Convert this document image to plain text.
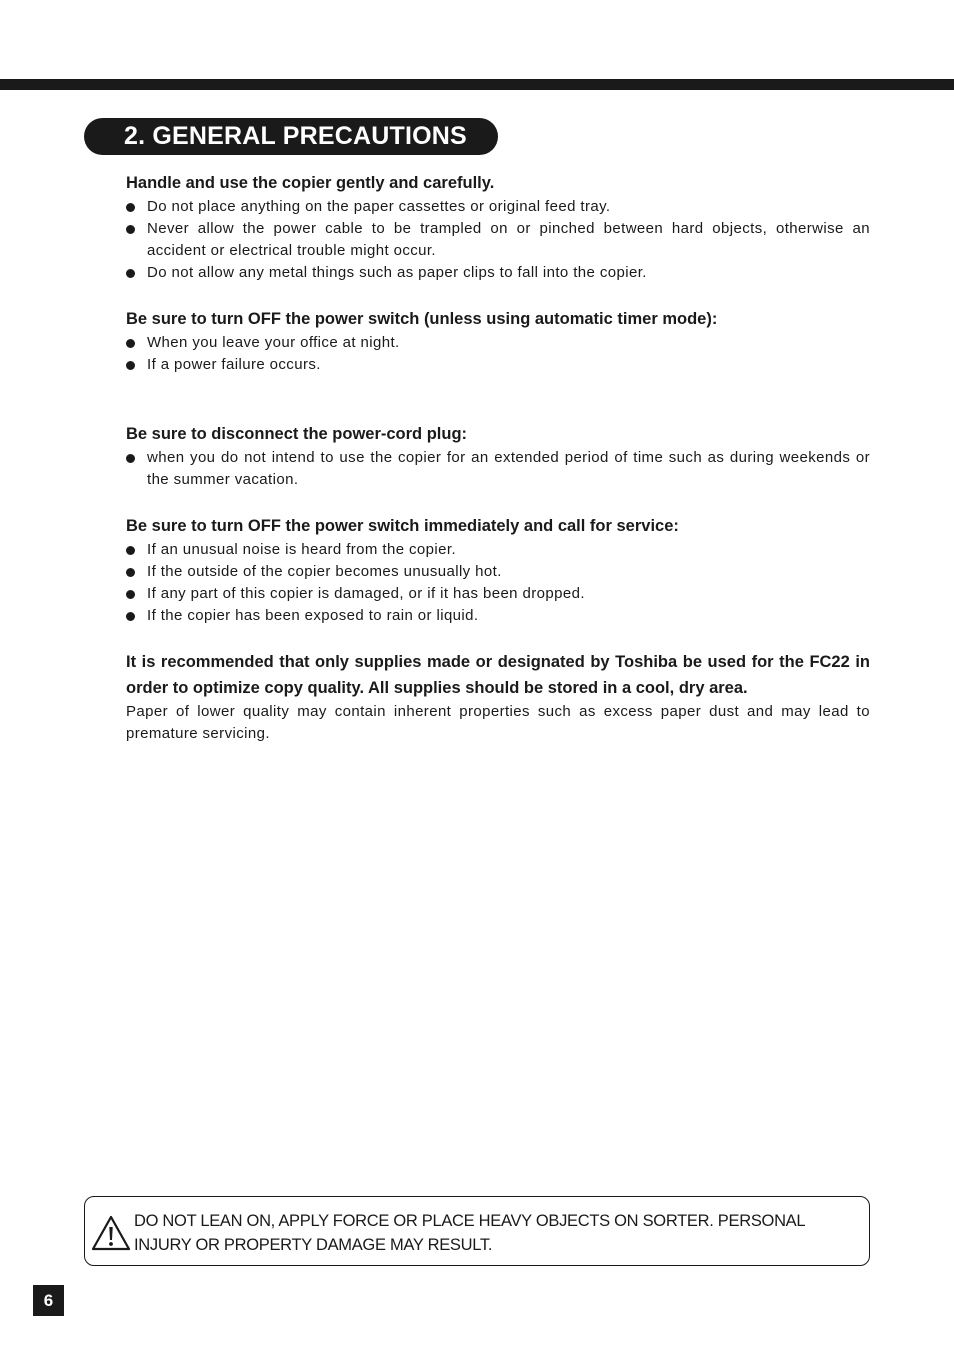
2. GENERAL PRECAUTIONS

Handle and use the copier gently and carefully.

Do not place anything on the paper cassettes or original feed tray.
Never allow the power cable to be trampled on or pinched between hard objects, otherwise an accident or electrical trouble might occur.
Do not allow any metal things such as paper clips to fall into the copier.

Be sure to turn OFF the power switch (unless using automatic timer mode):

When you leave your office at night.
If a power failure occurs.

Be sure to disconnect the power-cord plug:

when you do not intend to use the copier for an extended period of time such as during weekends or the summer vacation.

Be sure to turn OFF the power switch immediately and call for service:

If an unusual noise is heard from the copier.
If the outside of the copier becomes unusually hot.
If any part of this copier is damaged, or if it has been dropped.
If the copier has been exposed to rain or liquid.

It is recommended that only supplies made or designated by Toshiba be used for the FC22 in order to optimize copy quality. All supplies should be stored in a cool, dry area.

Paper of lower quality may contain inherent properties such as excess paper dust and may lead to premature servicing.

DO NOT LEAN ON, APPLY FORCE OR PLACE HEAVY OBJECTS ON SORTER. PERSONAL INJURY OR PROPERTY DAMAGE MAY RESULT.
6
